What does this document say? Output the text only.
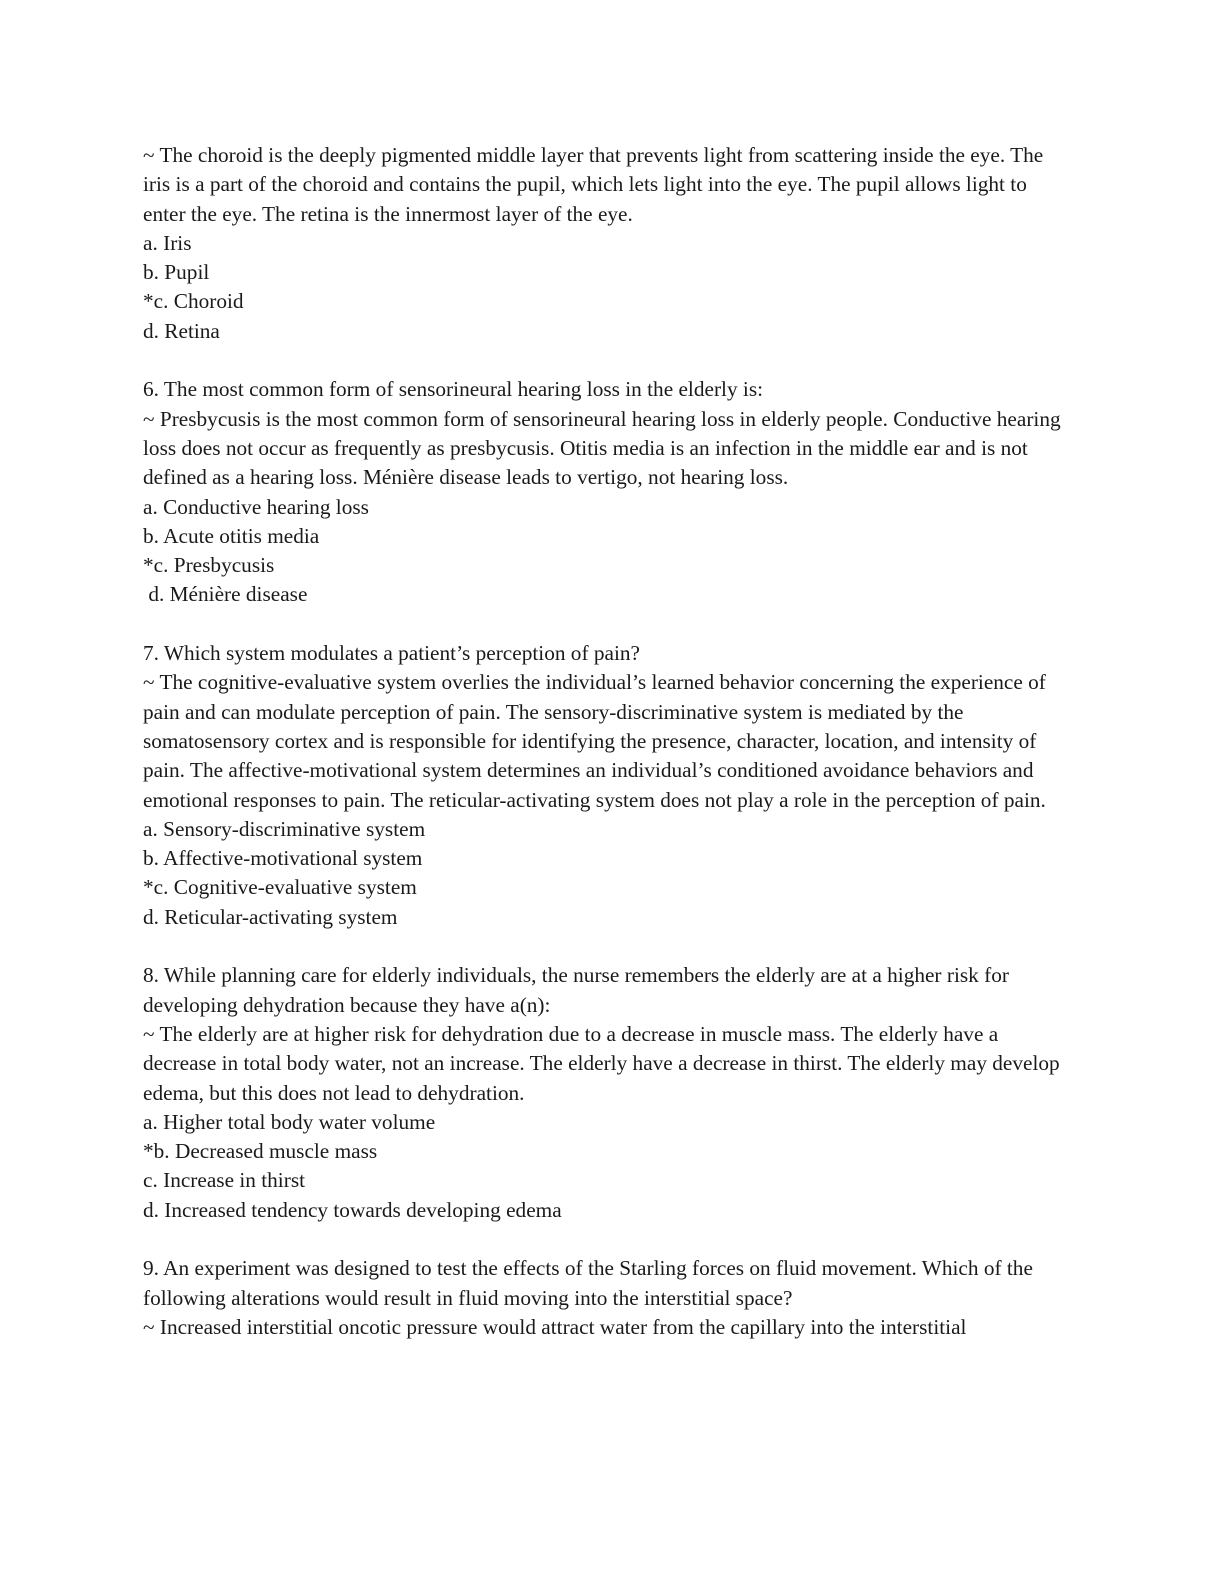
~ The choroid is the deeply pigmented middle layer that prevents light from scattering inside the eye. The iris is a part of the choroid and contains the pupil, which lets light into the eye. The pupil allows light to enter the eye. The retina is the innermost layer of the eye.
a. Iris
b. Pupil
*c. Choroid
d. Retina
6. The most common form of sensorineural hearing loss in the elderly is:
~ Presbycusis is the most common form of sensorineural hearing loss in elderly people. Conductive hearing loss does not occur as frequently as presbycusis. Otitis media is an infection in the middle ear and is not defined as a hearing loss. Ménière disease leads to vertigo, not hearing loss.
a. Conductive hearing loss
b. Acute otitis media
*c. Presbycusis
d. Ménière disease
7. Which system modulates a patient’s perception of pain?
~ The cognitive-evaluative system overlies the individual’s learned behavior concerning the experience of pain and can modulate perception of pain. The sensory-discriminative system is mediated by the somatosensory cortex and is responsible for identifying the presence, character, location, and intensity of pain. The affective-motivational system determines an individual’s conditioned avoidance behaviors and emotional responses to pain. The reticular-activating system does not play a role in the perception of pain.
a. Sensory-discriminative system
b. Affective-motivational system
*c. Cognitive-evaluative system
d. Reticular-activating system
8. While planning care for elderly individuals, the nurse remembers the elderly are at a higher risk for developing dehydration because they have a(n):
~ The elderly are at higher risk for dehydration due to a decrease in muscle mass. The elderly have a decrease in total body water, not an increase. The elderly have a decrease in thirst. The elderly may develop edema, but this does not lead to dehydration.
a. Higher total body water volume
*b. Decreased muscle mass
c. Increase in thirst
d. Increased tendency towards developing edema
9. An experiment was designed to test the effects of the Starling forces on fluid movement. Which of the following alterations would result in fluid moving into the interstitial space?
~ Increased interstitial oncotic pressure would attract water from the capillary into the interstitial
